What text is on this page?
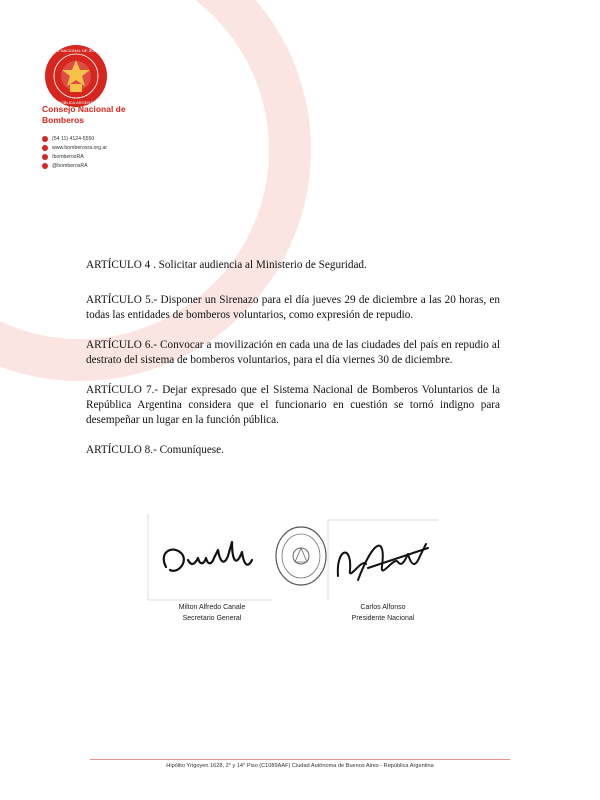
CONSEJO NACIONAL DE BOMBEROS
REPÚBLICA ARGENTINA
Consejo Nacional de Bomberos
(54 11) 4124-5550
www.bomberosra.org.ar
/bomberosRA
@bomberosRA

ARTÍCULO 4 . Solicitar audiencia al Ministerio de Seguridad.

ARTÍCULO 5.- Disponer un Sirenazo para el día jueves 29 de diciembre a las 20 horas, en todas las entidades de bomberos voluntarios, como expresión de repudio.

ARTÍCULO 6.- Convocar a movilización en cada una de las ciudades del país en repudio al destrato del sistema de bomberos voluntarios, para el día viernes 30 de diciembre.

ARTÍCULO 7.- Dejar expresado que el Sistema Nacional de Bomberos Voluntarios de la República Argentina considera que el funcionario en cuestión se tornó indigno para desempeñar un lugar en la función pública.

ARTÍCULO 8.- Comuníquese.

Milton Alfredo Canale
Secretario General
Carlos Alfonso
Presidente Nacional
Hipólito Yrigoyen 1628, 2° y 14° Piso (C1089AAF) Ciudad Autónoma de Buenos Aires - República Argentina
